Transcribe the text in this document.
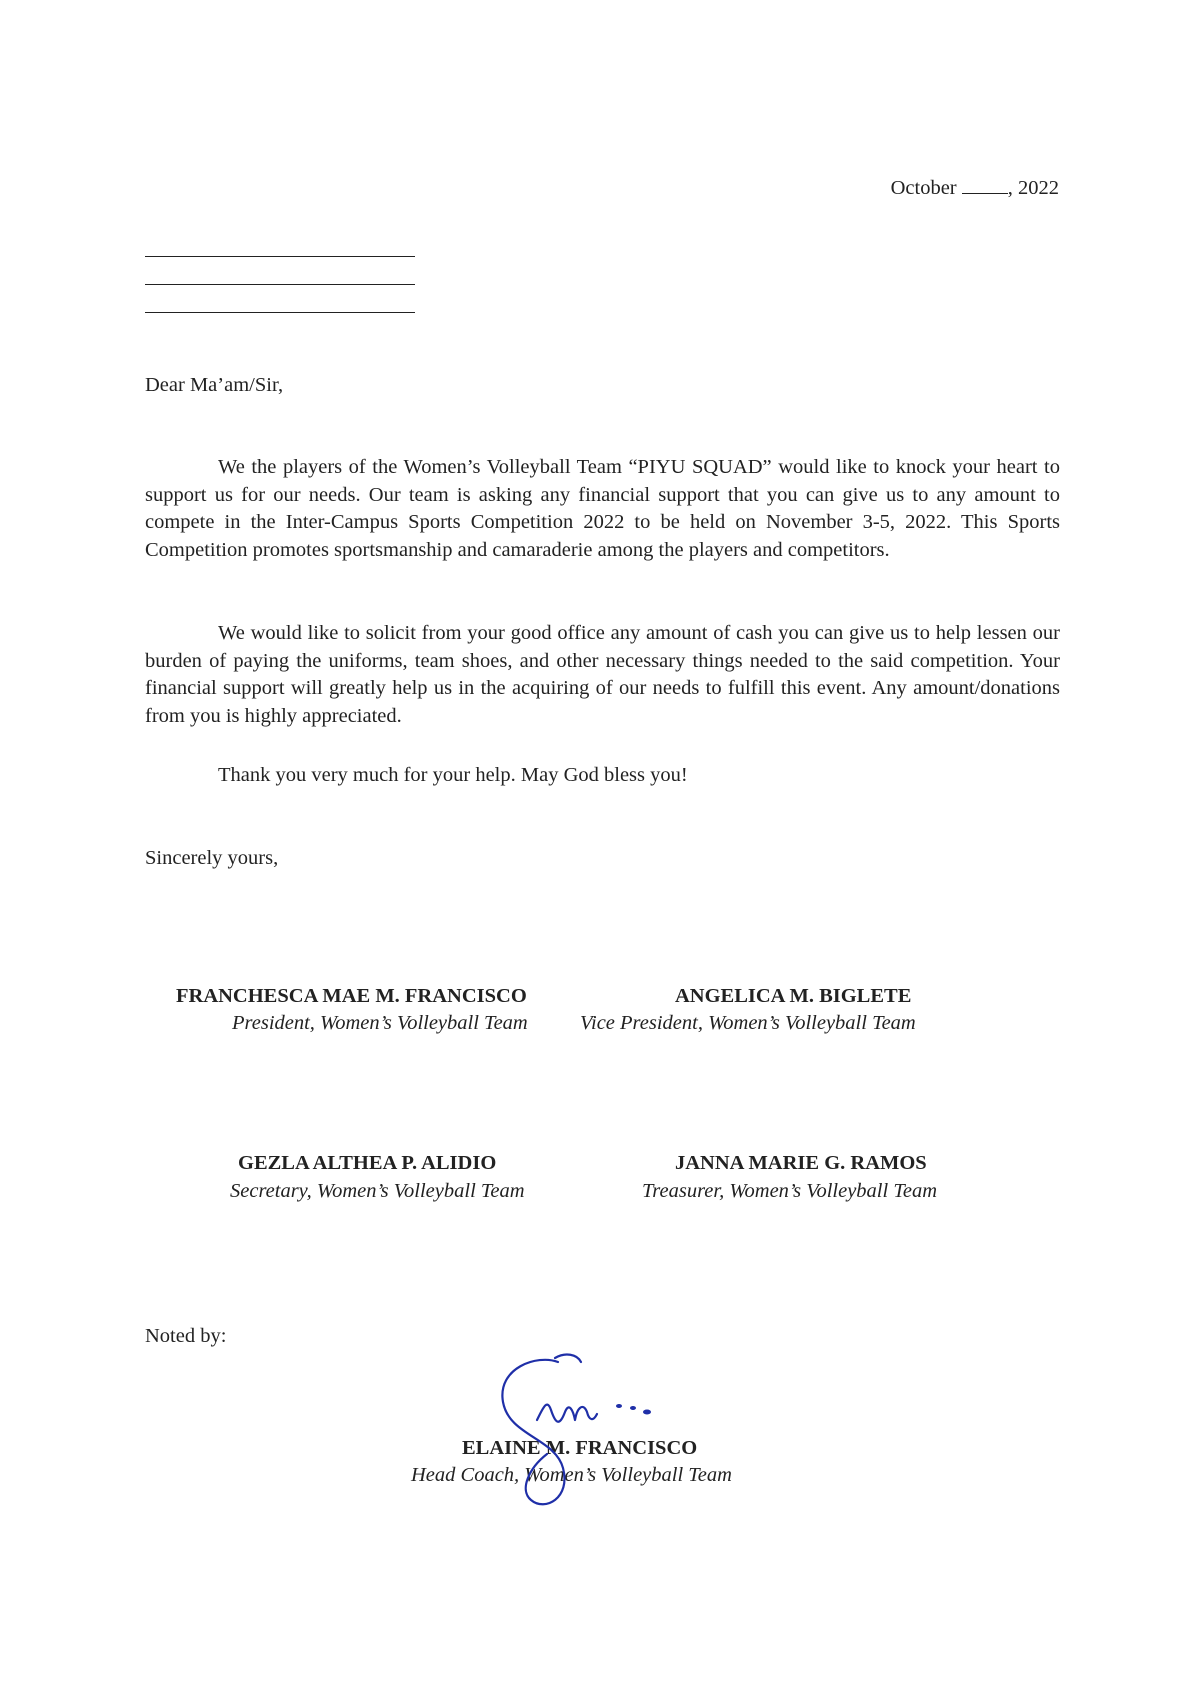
October , 2022
Dear Ma’am/Sir,

We the players of the Women’s Volleyball Team “PIYU SQUAD” would like to knock your heart to support us for our needs. Our team is asking any financial support that you can give us to any amount to compete in the Inter-Campus Sports Competition 2022 to be held on November 3-5, 2022. This Sports Competition promotes sportsmanship and camaraderie among the players and competitors.

We would like to solicit from your good office any amount of cash you can give us to help lessen our burden of paying the uniforms, team shoes, and other necessary things needed to the said competition. Your financial support will greatly help us in the acquiring of our needs to fulfill this event. Any amount/donations from you is highly appreciated.

Thank you very much for your help. May God bless you!

Sincerely yours,
FRANCHESCA MAE M. FRANCISCO
President, Women’s Volleyball Team
ANGELICA M. BIGLETE
Vice President, Women’s Volleyball Team
GEZLA ALTHEA P. ALIDIO
Secretary, Women’s Volleyball Team
JANNA MARIE G. RAMOS
Treasurer, Women’s Volleyball Team
Noted by:
ELAINE M. FRANCISCO
Head Coach, Women’s Volleyball Team
